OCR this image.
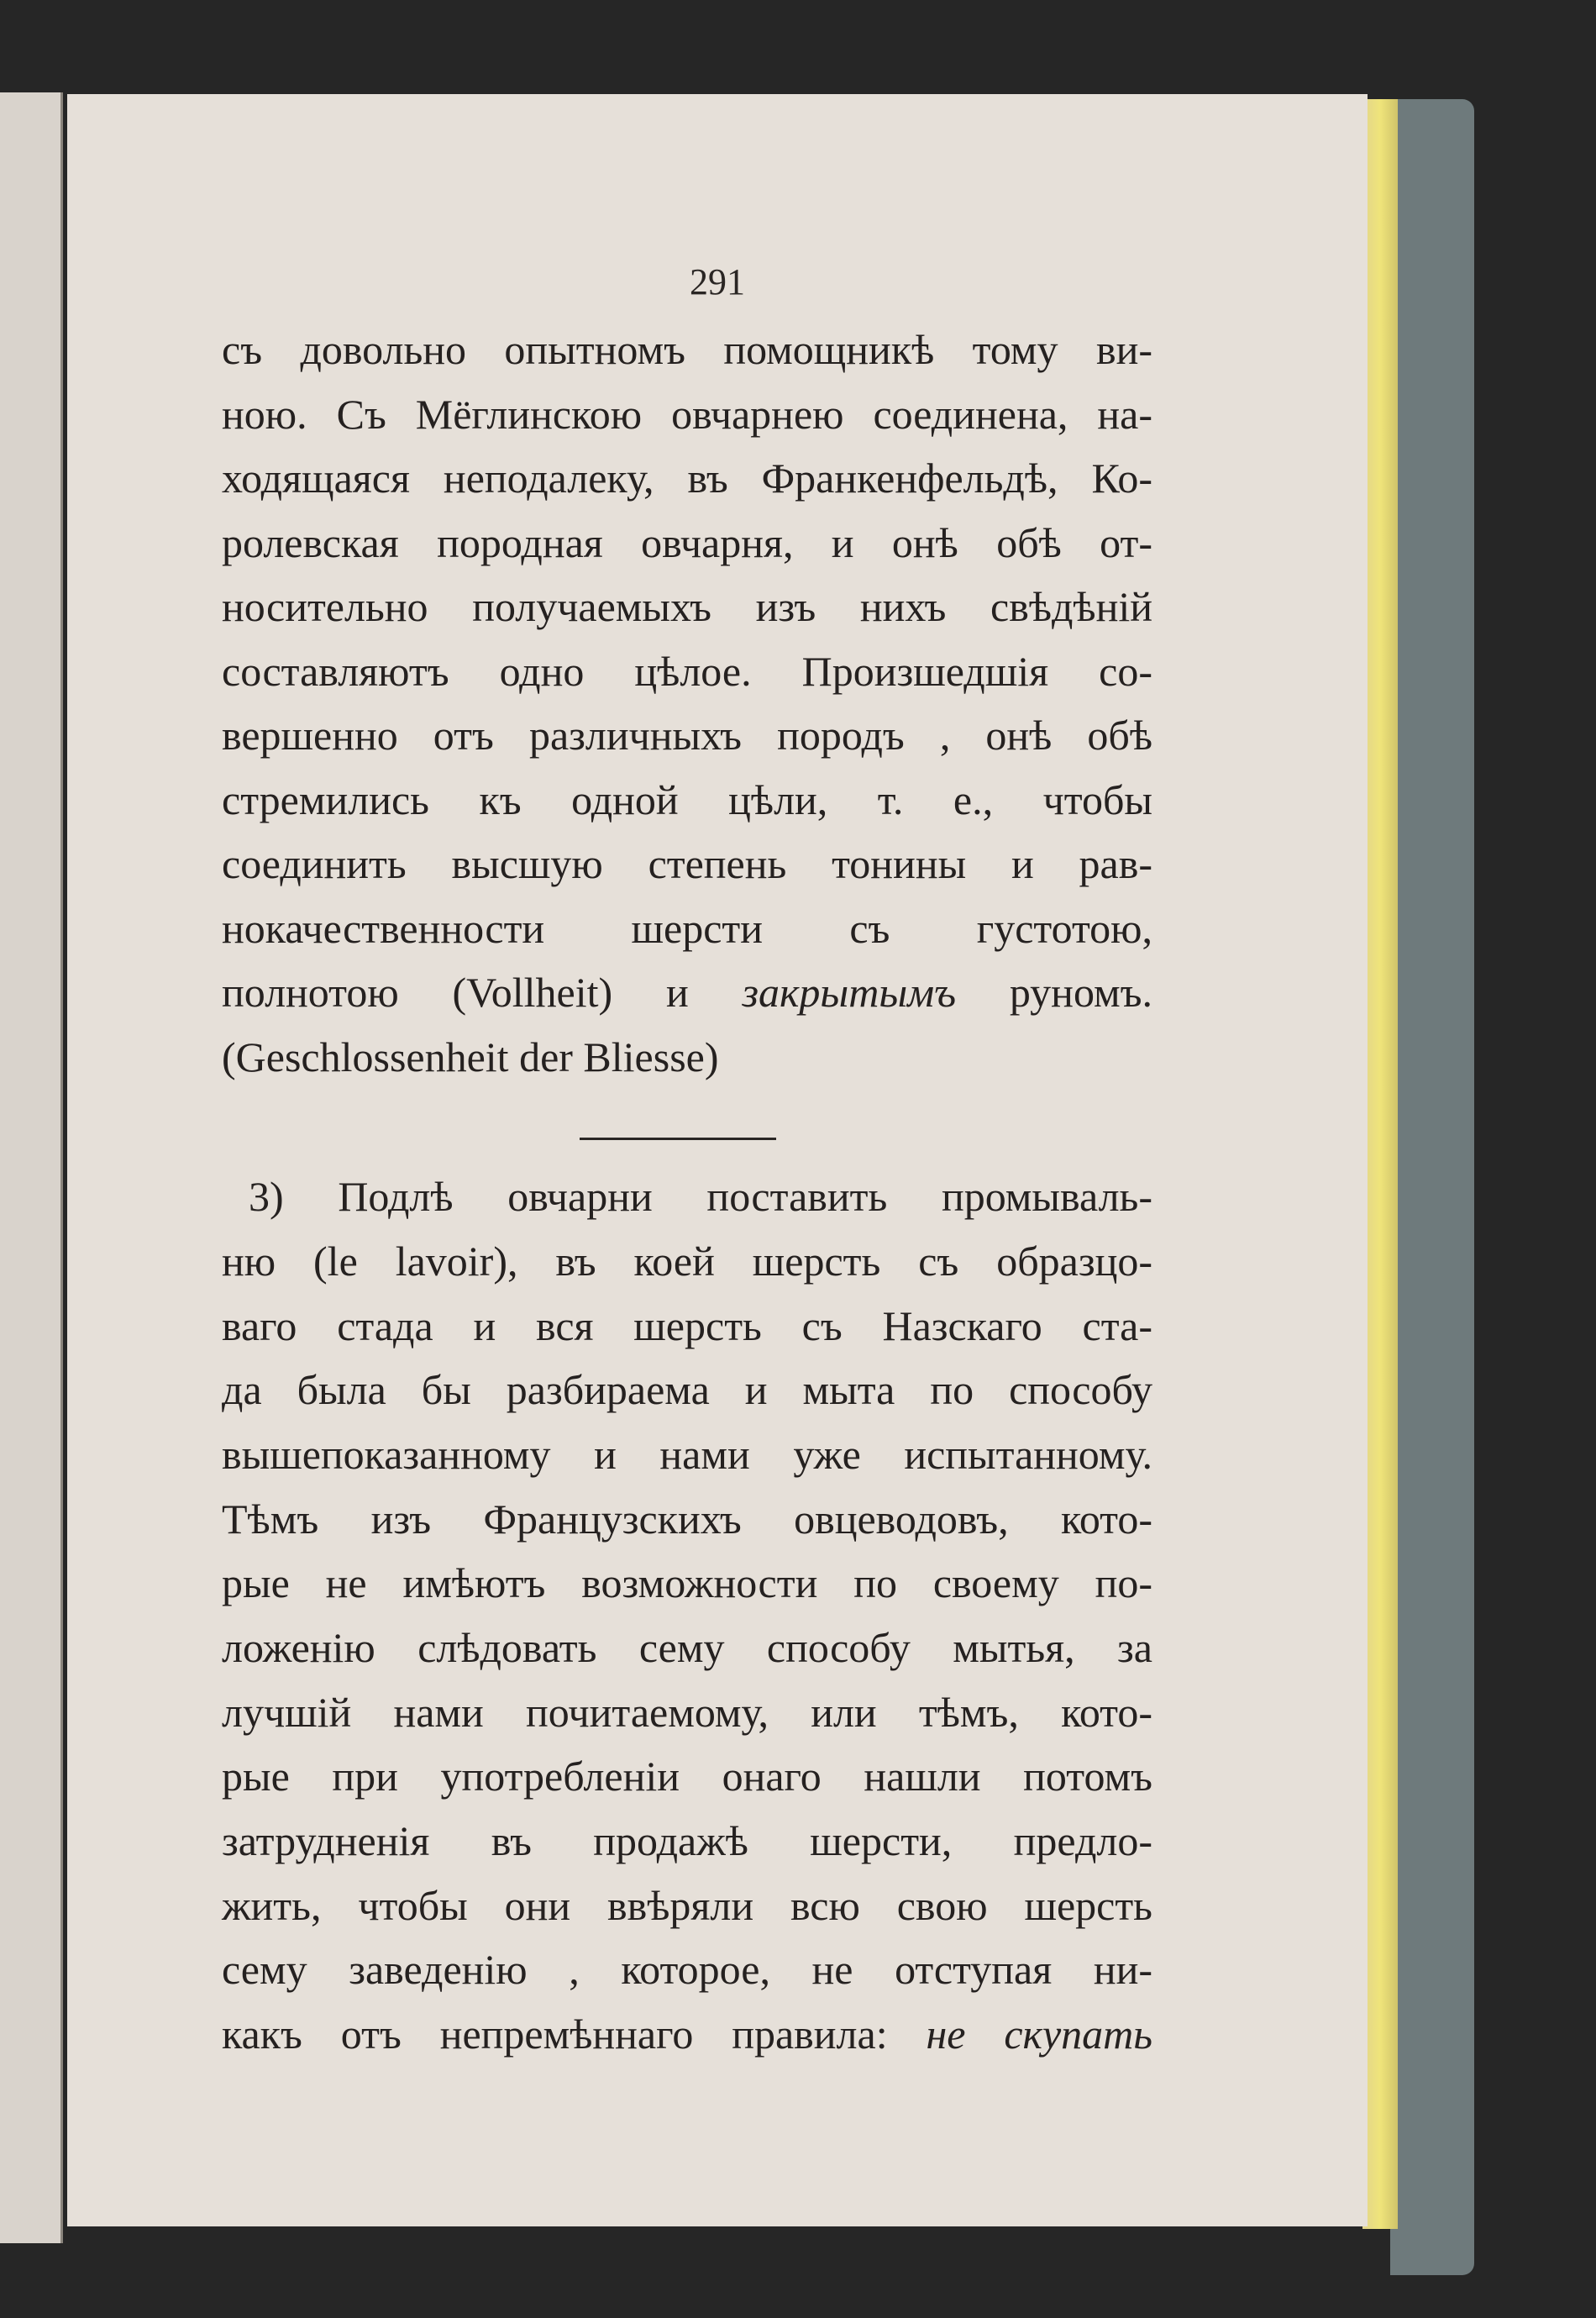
291
съ довольно опытномъ помощникѣ тому ви-
ною. Съ Мёглинскою овчарнею соединена, на-
ходящаяся неподалеку, въ Франкенфельдѣ, Ко-
ролевская породная овчарня, и онѣ обѣ от-
носительно получаемыхъ изъ нихъ свѣдѣній
составляютъ одно цѣлое. Произшедшія со-
вершенно отъ различныхъ породъ , онѣ обѣ
стремились къ одной цѣли, т. е., чтобы
соединить высшую степень тонины и рав-
нокачественности шерсти съ густотою,
полнотою (Vollheit) и закрытымъ руномъ.
(Geschlossenheit der Bliesse)
3) Подлѣ овчарни поставить промываль-
ню (le lavoir), въ коей шерсть съ образцо-
ваго стада и вся шерсть съ Назскаго ста-
да была бы разбираема и мыта по способу
вышепоказанному и нами уже испытанному.
Тѣмъ изъ Французскихъ овцеводовъ, кото-
рые не имѣютъ возможности по своему по-
ложенію слѣдовать сему способу мытья, за
лучшій нами почитаемому, или тѣмъ, кото-
рые при употребленіи онаго нашли потомъ
затрудненія въ продажѣ шерсти, предло-
жить, чтобы они ввѣряли всю свою шерсть
сему заведенію , которое, не отступая ни-
какъ отъ непремѣннаго правила: не скупать
